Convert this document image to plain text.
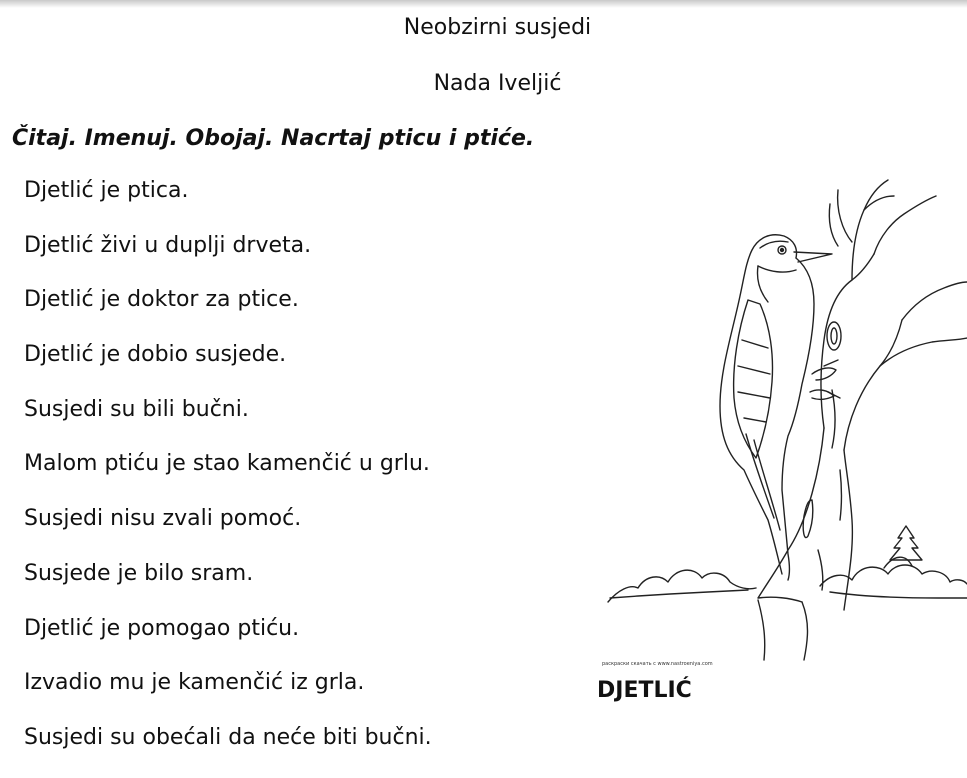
Neobzirni susjedi
Nada Iveljić
Čitaj. Imenuj. Obojaj. Nacrtaj pticu i ptiće.
Djetlić je ptica.
Djetlić živi u duplji drveta.
Djetlić je doktor za ptice.
Djetlić je dobio susjede.
Susjedi su bili bučni.
Malom ptiću je stao kamenčić u grlu.
Susjedi nisu zvali pomoć.
Susjede je bilo sram.
Djetlić je pomogao ptiću.
Izvadio mu je kamenčić iz grla.
Susjedi su obećali da neće biti bučni.
раскраски скачать с www.nastroeniya.com
DJETLIĆ
